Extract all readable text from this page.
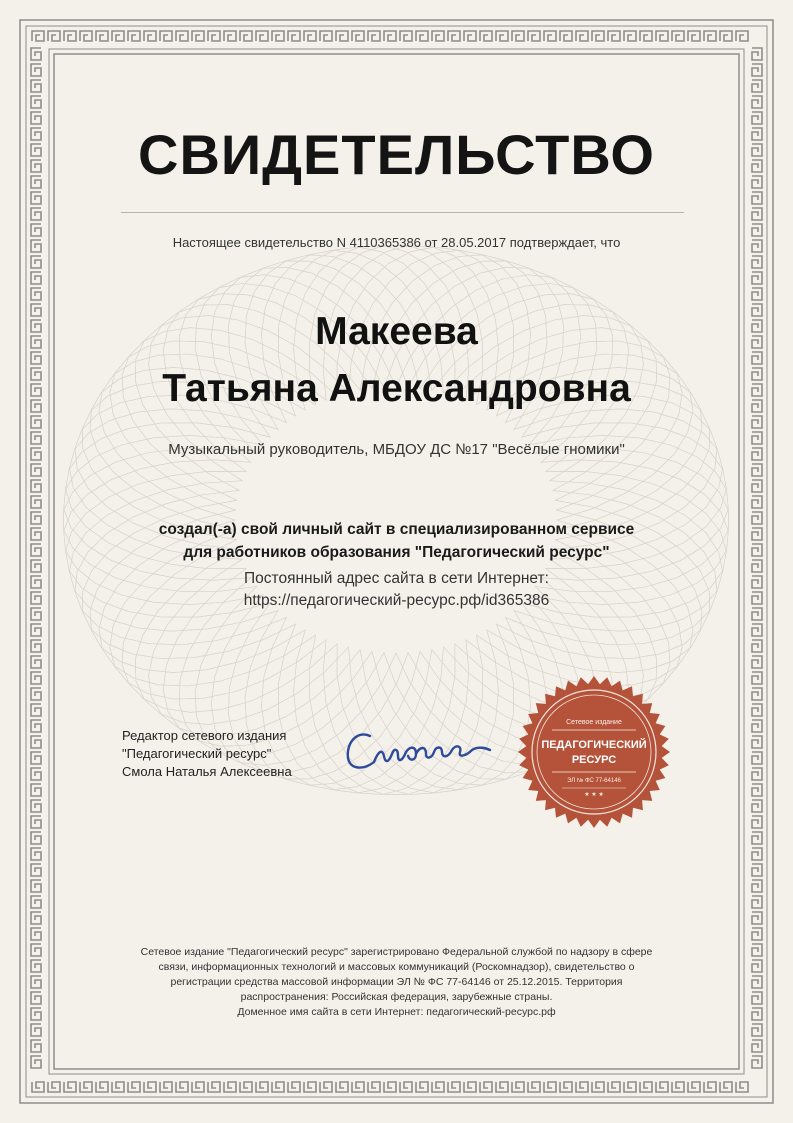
СВИДЕТЕЛЬСТВО
Настоящее свидетельство N 4110365386 от 28.05.2017 подтверждает, что
Макеева
Татьяна Александровна
Музыкальный руководитель, МБДОУ ДС №17 "Весёлые гномики"
создал(-а) свой личный сайт в специализированном сервисе
для работников образования "Педагогический ресурс"
Постоянный адрес сайта в сети Интернет:
https://педагогический-ресурс.рф/id365386
Редактор сетевого издания
"Педагогический ресурс"
Смола Наталья Алексеевна
Сетевое издание
ПЕДАГОГИЧЕСКИЙ
РЕСУРС
ЭЛ № ФС 77-64146
★ ★ ★
Сетевое издание "Педагогический ресурс" зарегистрировано Федеральной службой по надзору в сфере
связи, информационных технологий и массовых коммуникаций (Роскомнадзор), свидетельство о
регистрации средства массовой информации ЭЛ № ФС 77-64146 от 25.12.2015. Территория
распространения: Российская федерация, зарубежные страны.
Доменное имя сайта в сети Интернет: педагогический-ресурс.рф
